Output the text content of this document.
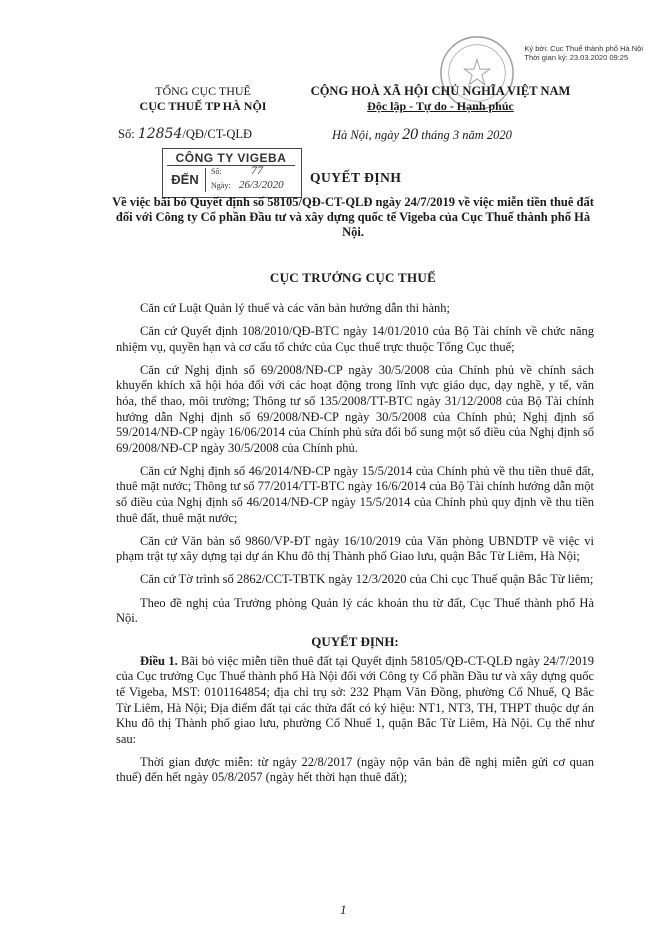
Ký bởi: Cục Thuế thành phố Hà Nội
Thời gian ký: 23.03.2020 09:25
TỔNG CỤC THUẾ
CỤC THUẾ TP HÀ NỘI
CỘNG HOÀ XÃ HỘI CHỦ NGHĨA VIỆT NAM
Độc lập - Tự do - Hạnh phúc
Số: 12854/QĐ/CT-QLĐ	Hà Nội, ngày 20 tháng 3 năm 2020
CÔNG TY VIGEBA
ĐẾN
Số: 77
Ngày: 26/3/2020 QUYẾT ĐỊNH
Về việc bãi bỏ Quyết định số 58105/QĐ-CT-QLĐ ngày 24/7/2019 về việc miễn tiền thuê đất đối với Công ty Cổ phần Đầu tư và xây dựng quốc tế Vigeba của Cục Thuế thành phố Hà Nội.
CỤC TRƯỞNG CỤC THUẾ

Căn cứ Luật Quản lý thuế và các văn bản hướng dẫn thi hành;

Căn cứ Quyết định 108/2010/QĐ-BTC ngày 14/01/2010 của Bộ Tài chính về chức năng nhiệm vụ, quyền hạn và cơ cấu tổ chức của Cục thuế trực thuộc Tổng Cục thuế;

Căn cứ Nghị định số 69/2008/NĐ-CP ngày 30/5/2008 của Chính phủ về chính sách khuyến khích xã hội hóa đối với các hoạt động trong lĩnh vực giáo dục, dạy nghề, y tế, văn hóa, thể thao, môi trường; Thông tư số 135/2008/TT-BTC ngày 31/12/2008 của Bộ Tài chính hướng dẫn Nghị định số 69/2008/NĐ-CP ngày 30/5/2008 của Chính phủ; Nghị định số 59/2014/NĐ-CP ngày 16/06/2014 của Chính phủ sửa đổi bổ sung một số điều của Nghị định số 69/2008/NĐ-CP ngày 30/5/2008 của Chính phủ.

Căn cứ Nghị định số 46/2014/NĐ-CP ngày 15/5/2014 của Chính phủ về thu tiền thuê đất, thuê mặt nước; Thông tư số 77/2014/TT-BTC ngày 16/6/2014 của Bộ Tài chính hướng dẫn một số điều của Nghị định số 46/2014/NĐ-CP ngày 15/5/2014 của Chính phủ quy định về thu tiền thuê đất, thuê mặt nước;

Căn cứ Văn bản số 9860/VP-ĐT ngày 16/10/2019 của Văn phòng UBNDTP về việc vi phạm trật tự xây dựng tại dự án Khu đô thị Thành phố Giao lưu, quận Bắc Từ Liêm, Hà Nội;

Căn cứ Tờ trình số 2862/CCT-TBTK ngày 12/3/2020 của Chi cục Thuế quận Bắc Từ liêm;

Theo đề nghị của Trưởng phòng Quản lý các khoản thu từ đất, Cục Thuế thành phố Hà Nội.

QUYẾT ĐỊNH:

Điều 1. Bãi bỏ việc miễn tiền thuê đất tại Quyết định 58105/QĐ-CT-QLĐ ngày 24/7/2019 của Cục trưởng Cục Thuế thành phố Hà Nội đối với Công ty Cổ phần Đầu tư và xây dựng quốc tế Vigeba, MST: 0101164854; địa chỉ trụ sở: 232 Phạm Văn Đồng, phường Cổ Nhuế, Q Bắc Từ Liêm, Hà Nội; Địa điểm đất tại các thửa đất có ký hiệu: NT1, NT3, TH, THPT thuộc dự án Khu đô thị Thành phố giao lưu, phường Cổ Nhuế 1, quận Bắc Từ Liêm, Hà Nội. Cụ thể như sau:

Thời gian được miễn: từ ngày 22/8/2017 (ngày nộp văn bản đề nghị miễn gửi cơ quan thuế) đến hết ngày 05/8/2057 (ngày hết thời hạn thuê đất);

1
